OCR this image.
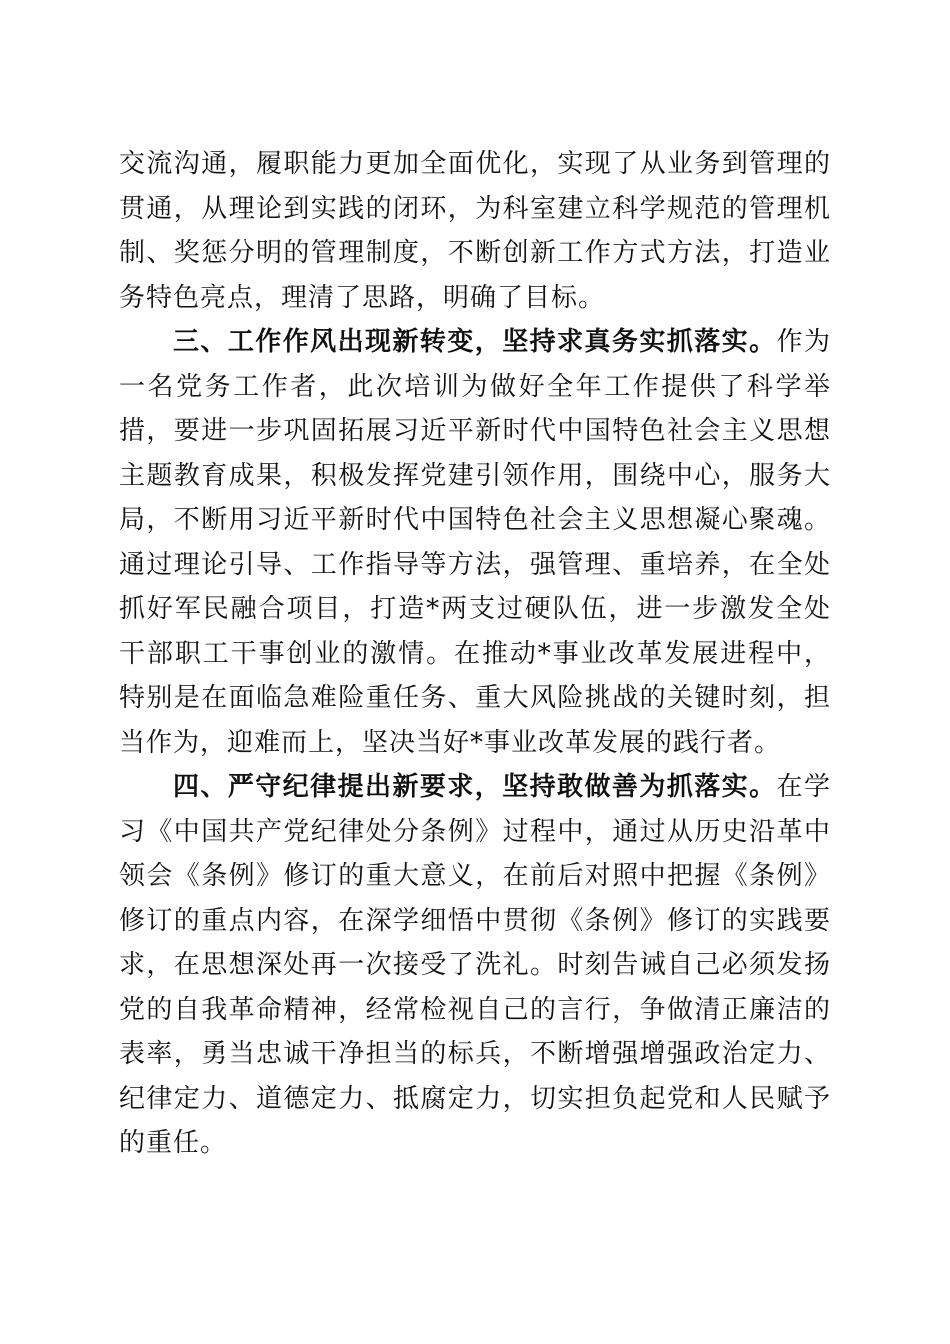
交流沟通，履职能力更加全面优化，实现了从业务到管理的贯通，从理论到实践的闭环，为科室建立科学规范的管理机制、奖惩分明的管理制度，不断创新工作方式方法，打造业务特色亮点，理清了思路，明确了目标。

三、工作作风出现新转变，坚持求真务实抓落实。作为一名党务工作者，此次培训为做好全年工作提供了科学举措，要进一步巩固拓展习近平新时代中国特色社会主义思想主题教育成果，积极发挥党建引领作用，围绕中心，服务大局，不断用习近平新时代中国特色社会主义思想凝心聚魂。通过理论引导、工作指导等方法，强管理、重培养，在全处抓好军民融合项目，打造*两支过硬队伍，进一步激发全处干部职工干事创业的激情。在推动*事业改革发展进程中，特别是在面临急难险重任务、重大风险挑战的关键时刻，担当作为，迎难而上，坚决当好*事业改革发展的践行者。

四、严守纪律提出新要求，坚持敢做善为抓落实。在学习《中国共产党纪律处分条例》过程中，通过从历史沿革中领会《条例》修订的重大意义，在前后对照中把握《条例》修订的重点内容，在深学细悟中贯彻《条例》修订的实践要求，在思想深处再一次接受了洗礼。时刻告诫自己必须发扬党的自我革命精神，经常检视自己的言行，争做清正廉洁的表率，勇当忠诚干净担当的标兵，不断增强增强政治定力、纪律定力、道德定力、抵腐定力，切实担负起党和人民赋予的重任。
